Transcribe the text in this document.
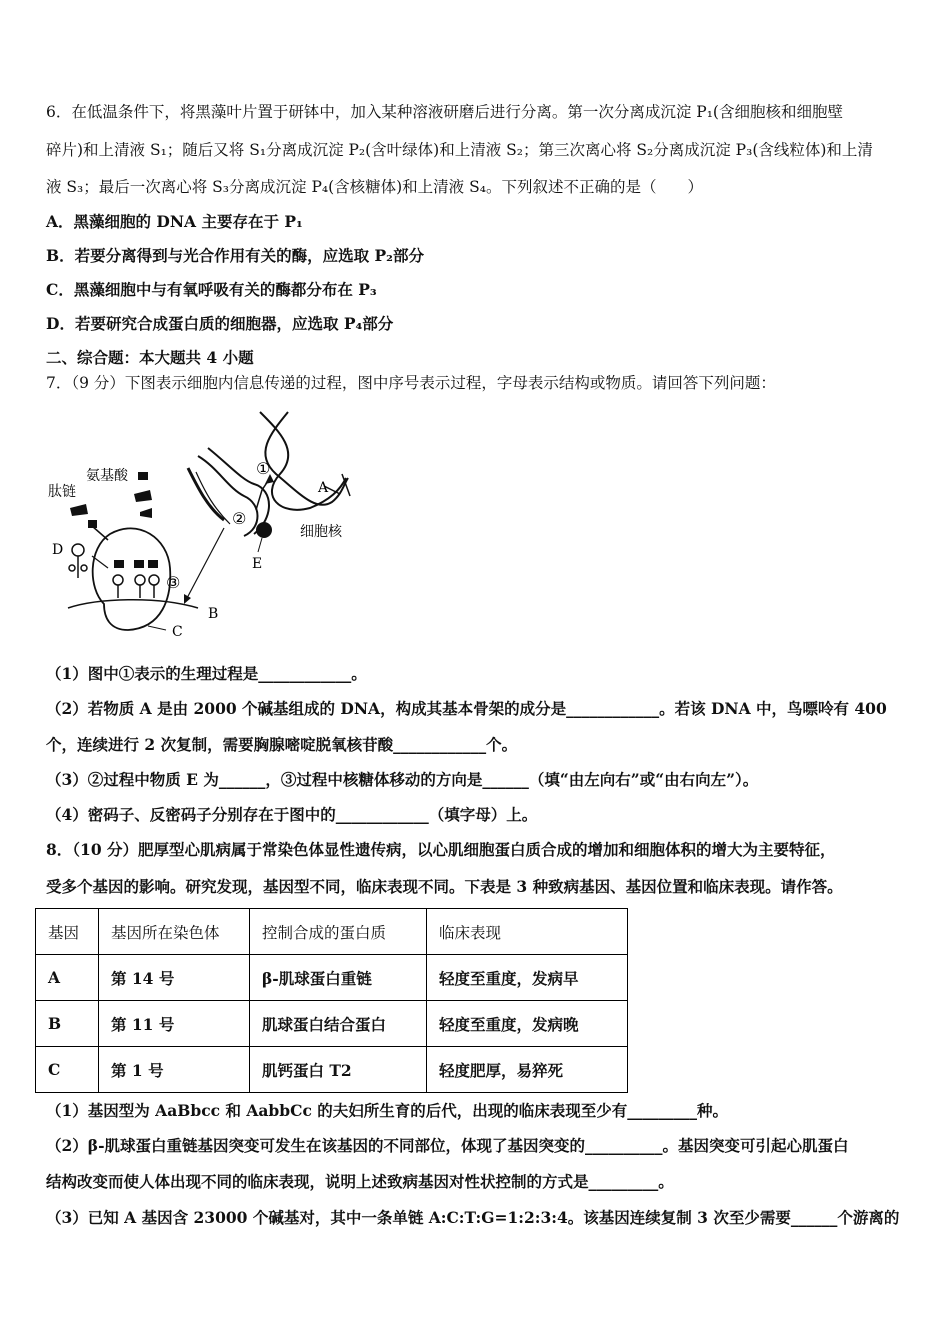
6．在低温条件下，将黑藻叶片置于研钵中，加入某种溶液研磨后进行分离。第一次分离成沉淀 P₁(含细胞核和细胞壁
碎片)和上清液 S₁；随后又将 S₁分离成沉淀 P₂(含叶绿体)和上清液 S₂；第三次离心将 S₂分离成沉淀 P₃(含线粒体)和上清
液 S₃；最后一次离心将 S₃分离成沉淀 P₄(含核糖体)和上清液 S₄。下列叙述不正确的是（　　）
A．黑藻细胞的 DNA 主要存在于 P₁
B．若要分离得到与光合作用有关的酶，应选取 P₂部分
C．黑藻细胞中与有氧呼吸有关的酶都分布在 P₃
D．若要研究合成蛋白质的细胞器，应选取 P₄部分
二、综合题：本大题共 4 小题
7．（9 分）下图表示细胞内信息传递的过程，图中序号表示过程，字母表示结构或物质。请回答下列问题：
氨基酸
肽链
细胞核
A
B
C
D
E
①
②
③
（1）图中①表示的生理过程是____________。
（2）若物质 A 是由 2000 个碱基组成的 DNA，构成其基本骨架的成分是____________。若该 DNA 中，鸟嘌呤有 400
个，连续进行 2 次复制，需要胸腺嘧啶脱氧核苷酸____________个。
（3）②过程中物质 E 为______，③过程中核糖体移动的方向是______（填“由左向右”或“由右向左”）。
（4）密码子、反密码子分别存在于图中的____________（填字母）上。
8．（10 分）肥厚型心肌病属于常染色体显性遗传病，以心肌细胞蛋白质合成的增加和细胞体积的增大为主要特征，
受多个基因的影响。研究发现，基因型不同，临床表现不同。下表是 3 种致病基因、基因位置和临床表现。请作答。
基因	基因所在染色体	控制合成的蛋白质	临床表现
A	第 14 号	β-肌球蛋白重链	轻度至重度，发病早
B	第 11 号	肌球蛋白结合蛋白	轻度至重度，发病晚
C	第 1 号	肌钙蛋白 T2	轻度肥厚，易猝死
（1）基因型为 AaBbcc 和 AabbCc 的夫妇所生育的后代，出现的临床表现至少有_________种。
（2）β-肌球蛋白重链基因突变可发生在该基因的不同部位，体现了基因突变的__________。基因突变可引起心肌蛋白
结构改变而使人体出现不同的临床表现，说明上述致病基因对性状控制的方式是_________。
（3）已知 A 基因含 23000 个碱基对，其中一条单链 A:C:T:G=1:2:3:4。该基因连续复制 3 次至少需要______个游离的
